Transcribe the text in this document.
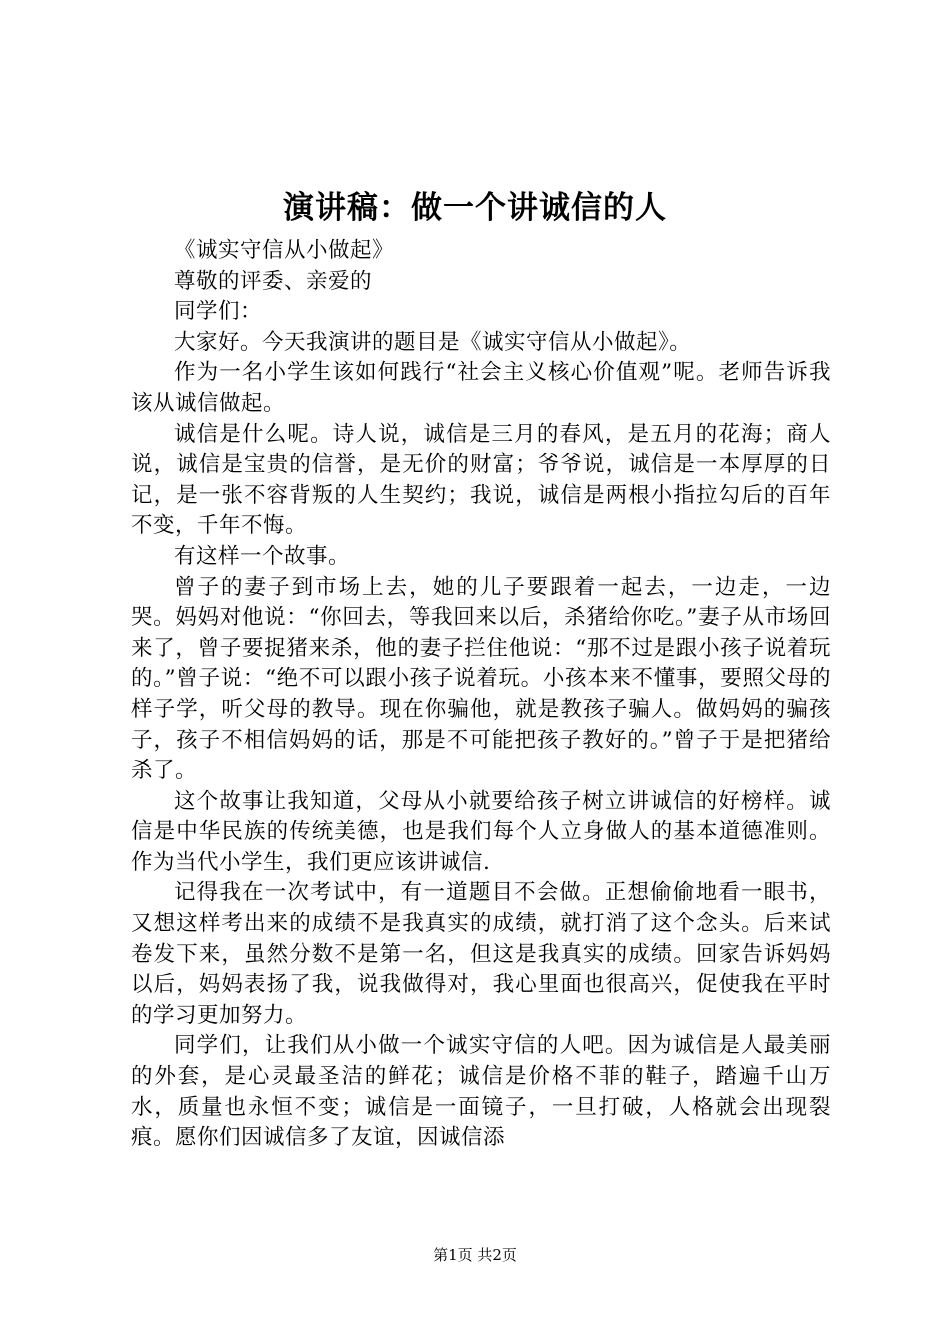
演讲稿：做一个讲诚信的人

《诚实守信从小做起》

尊敬的评委、亲爱的

同学们：

大家好。今天我演讲的题目是《诚实守信从小做起》。

作为一名小学生该如何践行“社会主义核心价值观”呢。老师告诉我该从诚信做起。

诚信是什么呢。诗人说，诚信是三月的春风，是五月的花海；商人说，诚信是宝贵的信誉，是无价的财富；爷爷说，诚信是一本厚厚的日记，是一张不容背叛的人生契约；我说，诚信是两根小指拉勾后的百年不变，千年不悔。

有这样一个故事。

曾子的妻子到市场上去，她的儿子要跟着一起去，一边走，一边哭。妈妈对他说：“你回去，等我回来以后，杀猪给你吃。”妻子从市场回来了，曾子要捉猪来杀，他的妻子拦住他说：“那不过是跟小孩子说着玩的。”曾子说：“绝不可以跟小孩子说着玩。小孩本来不懂事，要照父母的样子学，听父母的教导。现在你骗他，就是教孩子骗人。做妈妈的骗孩子，孩子不相信妈妈的话，那是不可能把孩子教好的。”曾子于是把猪给杀了。

这个故事让我知道，父母从小就要给孩子树立讲诚信的好榜样。诚信是中华民族的传统美德，也是我们每个人立身做人的基本道德准则。作为当代小学生，我们更应该讲诚信.

记得我在一次考试中，有一道题目不会做。正想偷偷地看一眼书，又想这样考出来的成绩不是我真实的成绩，就打消了这个念头。后来试卷发下来，虽然分数不是第一名，但这是我真实的成绩。回家告诉妈妈以后，妈妈表扬了我，说我做得对，我心里面也很高兴，促使我在平时的学习更加努力。

同学们，让我们从小做一个诚实守信的人吧。因为诚信是人最美丽的外套，是心灵最圣洁的鲜花；诚信是价格不菲的鞋子，踏遍千山万水，质量也永恒不变；诚信是一面镜子，一旦打破，人格就会出现裂痕。愿你们因诚信多了友谊，因诚信添

第1页 共2页
